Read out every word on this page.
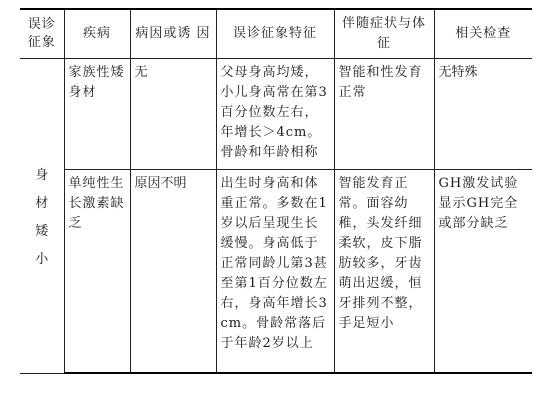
误诊征象	疾病	病因或诱 因	误诊征象特征	伴随症状与体征	相关检查
身材矮小	家族性矮身材	无	父母身高均矮，小儿身高常在第3百分位数左右，年增长＞4cm。骨龄和年龄相称	智能和性发育正常	无特殊
	单纯性生长激素缺乏	原因不明	出生时身高和体重正常。多数在1岁以后呈现生长缓慢。身高低于正常同龄儿第3甚至第1百分位数左右，身高年增长3cm。骨龄常落后于年龄2岁以上	智能发育正常。面容幼稚，头发纤细柔软，皮下脂肪较多，牙齿萌出迟缓，恒牙排列不整，手足短小	GH激发试验显示GH完全或部分缺乏
